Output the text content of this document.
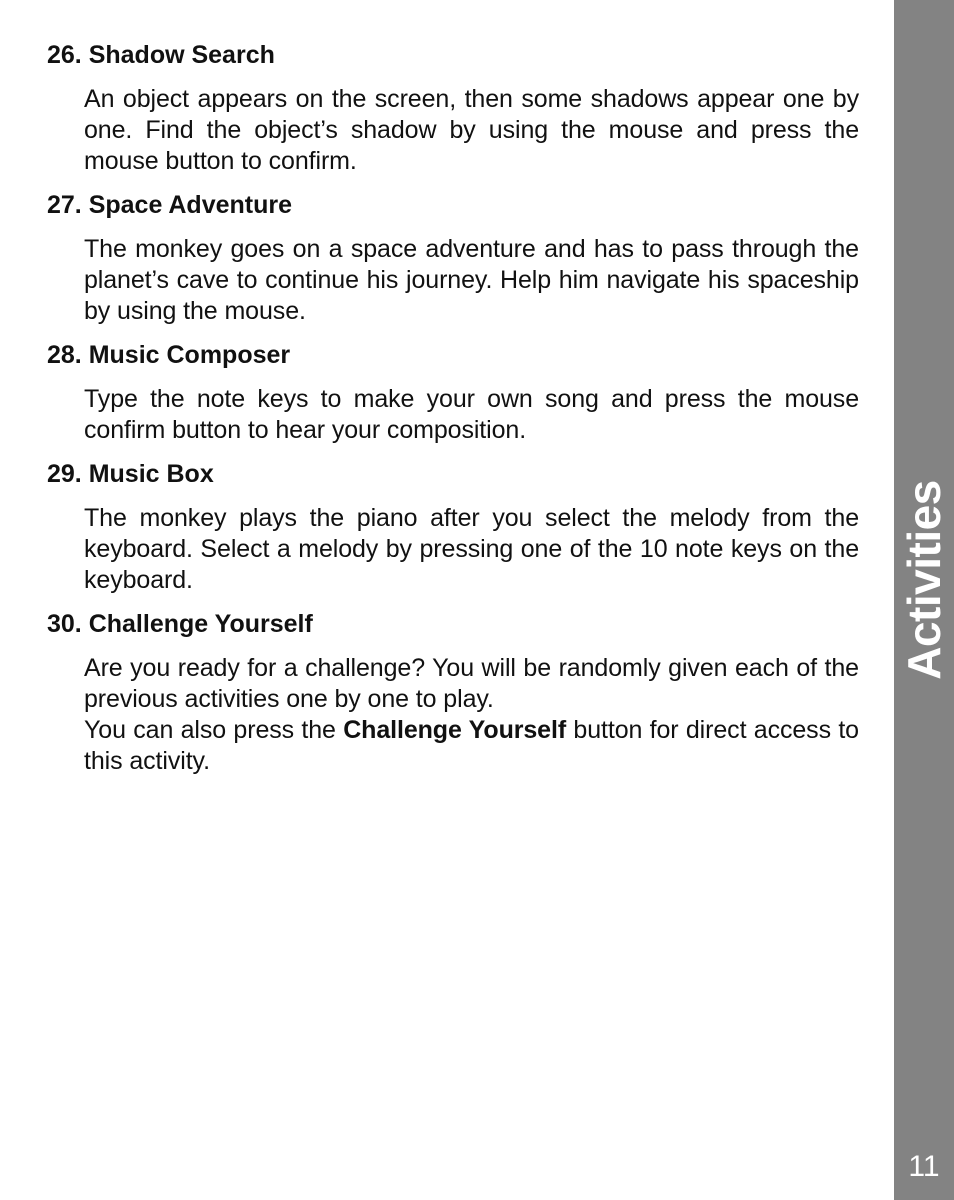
26. Shadow Search

An object appears on the screen, then some shadows appear one by one. Find the object’s shadow by using the mouse and press the mouse button to confirm.

27. Space Adventure

The monkey goes on a space adventure and has to pass through the planet’s cave to continue his journey. Help him navigate his spaceship by using the mouse.

28. Music Composer

Type the note keys to make your own song and press the mouse confirm button to hear your composition.

29. Music Box

The monkey plays the piano after you select the melody from the keyboard. Select a melody by pressing one of the 10 note keys on the keyboard.

30. Challenge Yourself

Are you ready for a challenge? You will be randomly given each of the previous activities one by one to play.

You can also press the Challenge Yourself button for direct access to this activity.

Activities
11
